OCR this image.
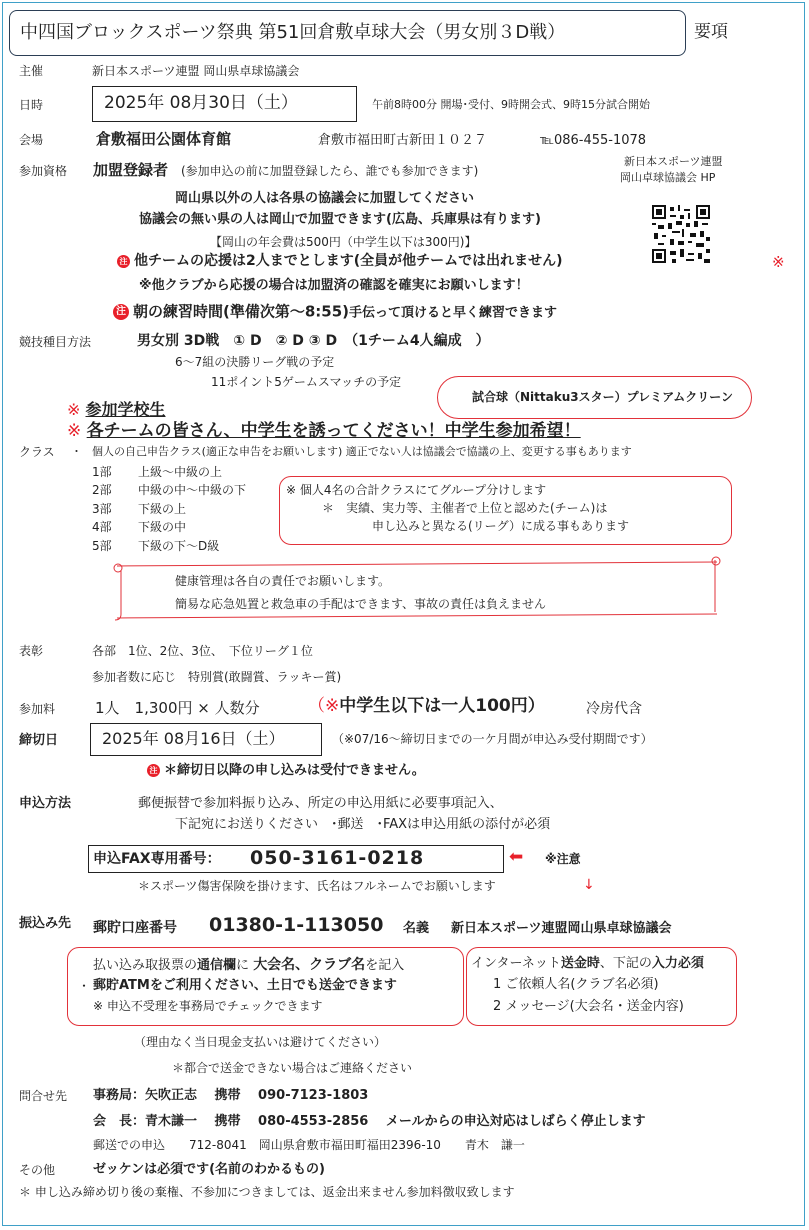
中四国ブロックスポーツ祭典 第51回倉敷卓球大会（男女別３D戦）	要項
主催	新日本スポーツ連盟 岡山県卓球協議会
日時	2025年 08月30日（土）	午前8時00分 開場･受付、9時開会式、9時15分試合開始
会場	倉敷福田公園体育館	倉敷市福田町古新田１０２７	℡086-455-1078
参加資格 加盟登録者 (参加申込の前に加盟登録したら、誰でも参加できます)
新日本スポーツ連盟
岡山卓球協議会 HP
岡山県以外の人は各県の協議会に加盟してください
協議会の無い県の人は岡山で加盟できます(広島、兵庫県は有ります)
【岡山の年会費は500円（中学生以下は300円)】
注 他チームの応援は2人までとします(全員が他チームでは出れません)
※他クラブから応援の場合は加盟済の確認を確実にお願いします！
※
注 朝の練習時間(準備次第〜8:55)手伝って頂けると早く練習できます
競技種目方法	男女別 3D戦　① D　② D ③ D　（1チーム4人編成　）
6〜7組の決勝リーグ戦の予定
11ポイント5ゲームスマッチの予定
試合球（Nittaku3スター）プレミアムクリーン
※ 参加学校生
※ 各チームの皆さん、中学生を誘ってください！中学生参加希望！
クラス ・ 個人の自己申告クラス(適正な申告をお願いします) 適正でない人は協議会で協議の上、変更する事もあります
1部 上級〜中級の上
2部 中級の中〜中級の下
3部 下級の上
4部 下級の中
5部 下級の下〜D級
※ 個人4名の合計クラスにてグループ分けします
＊　実績、実力等、主催者で上位と認めた(チーム)は
申し込みと異なる(リーグ）に成る事もあります
健康管理は各自の責任でお願いします。
簡易な応急処置と救急車の手配はできます、事故の責任は負えません
表彰	各部　1位、2位、3位、　下位リーグ１位
参加者数に応じ　特別賞(敢闘賞、ラッキー賞)
参加料	1人　1,300円 × 人数分	（※中学生以下は一人100円）	冷房代含
締切日	2025年 08月16日（土）	（※07/16〜締切日までの一ケ月間が申込み受付期間です）
注 ＊締切日以降の申し込みは受付できません。
申込方法	郵便振替で参加料振り込み、所定の申込用紙に必要事項記入、
下記宛にお送りください　･郵送　･FAXは申込用紙の添付が必須
申込FAX専用番号： 050-3161-0218	⬅ ※注意
＊スポーツ傷害保険を掛けます、氏名はフルネームでお願いします	↓
振込み先 郵貯口座番号 01380-1-113050 名義 新日本スポーツ連盟岡山県卓球協議会
払い込み取扱票の通信欄に 大会名、クラブ名を記入
・ 郵貯ATMをご利用ください、土日でも送金できます
※ 申込不受理を事務局でチェックできます
インターネット送金時、下記の入力必須
1 ご依頼人名(クラブ名必須)
2 メッセージ(大会名・送金内容)
（理由なく当日現金支払いは避けてください）
＊都合で送金できない場合はご連絡ください
問合せ先 事務局：矢吹正志　 携帯　 090-7123-1803
会　長：青木謙一　 携帯　 080-4553-2856　 メールからの申込対応はしばらく停止します
郵送での申込　　712-8041　岡山県倉敷市福田町福田2396-10　　青木　謙一
その他	ゼッケンは必須です(名前のわかるもの)
＊ 申し込み締め切り後の棄権、不参加につきましては、返金出来ません参加料徴収致します
